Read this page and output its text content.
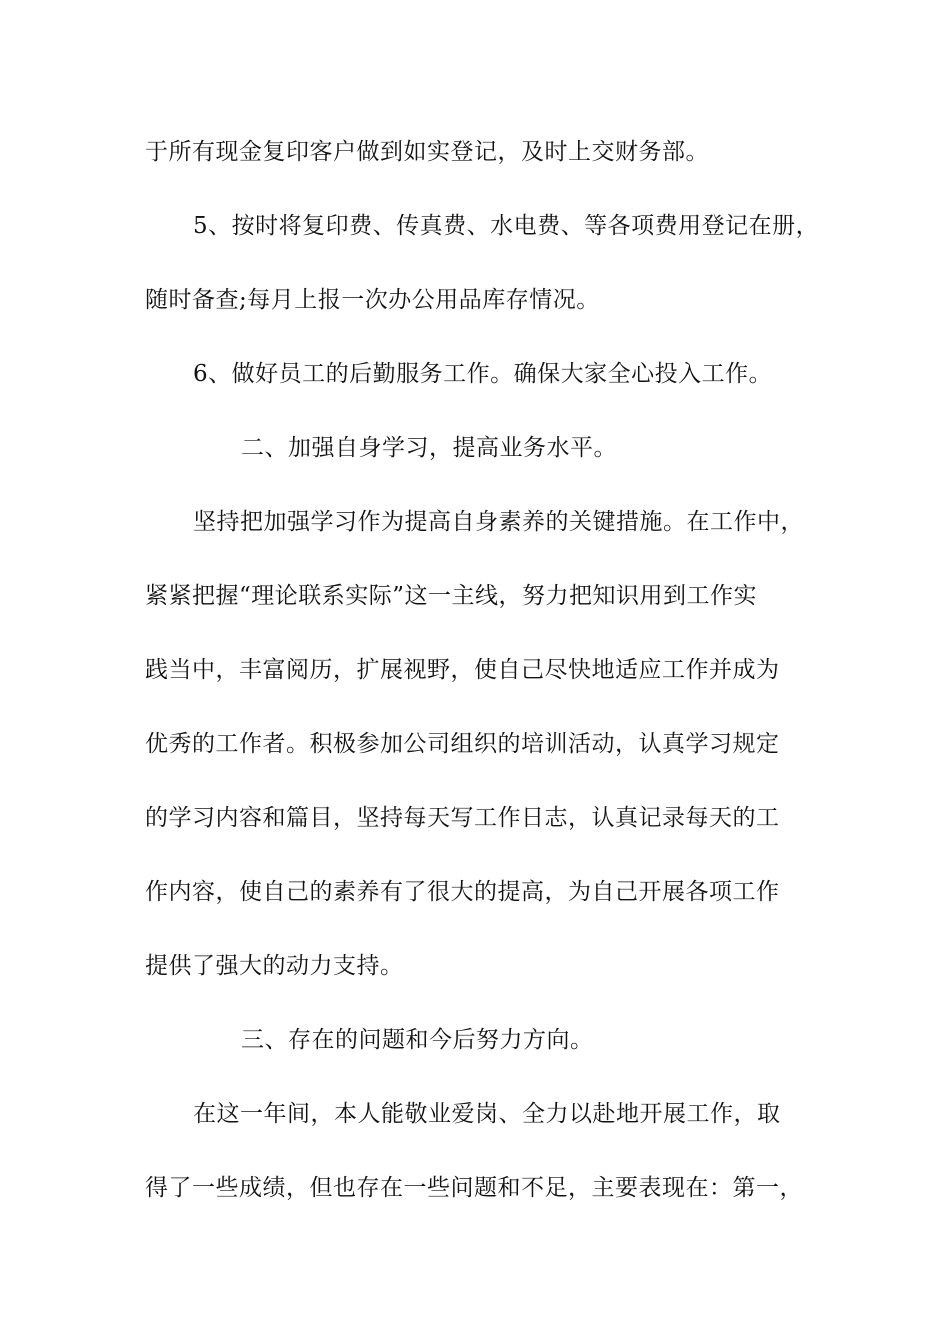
于所有现金复印客户做到如实登记，及时上交财务部。
5、按时将复印费、传真费、水电费、等各项费用登记在册，
随时备查;每月上报一次办公用品库存情况。
6、做好员工的后勤服务工作。确保大家全心投入工作。
二、加强自身学习，提高业务水平。
坚持把加强学习作为提高自身素养的关键措施。在工作中，
紧紧把握“理论联系实际”这一主线，努力把知识用到工作实
践当中，丰富阅历，扩展视野，使自己尽快地适应工作并成为
优秀的工作者。积极参加公司组织的培训活动，认真学习规定
的学习内容和篇目，坚持每天写工作日志，认真记录每天的工
作内容，使自己的素养有了很大的提高，为自己开展各项工作
提供了强大的动力支持。
三、存在的问题和今后努力方向。
在这一年间，本人能敬业爱岗、全力以赴地开展工作，取
得了一些成绩，但也存在一些问题和不足，主要表现在：第一，
